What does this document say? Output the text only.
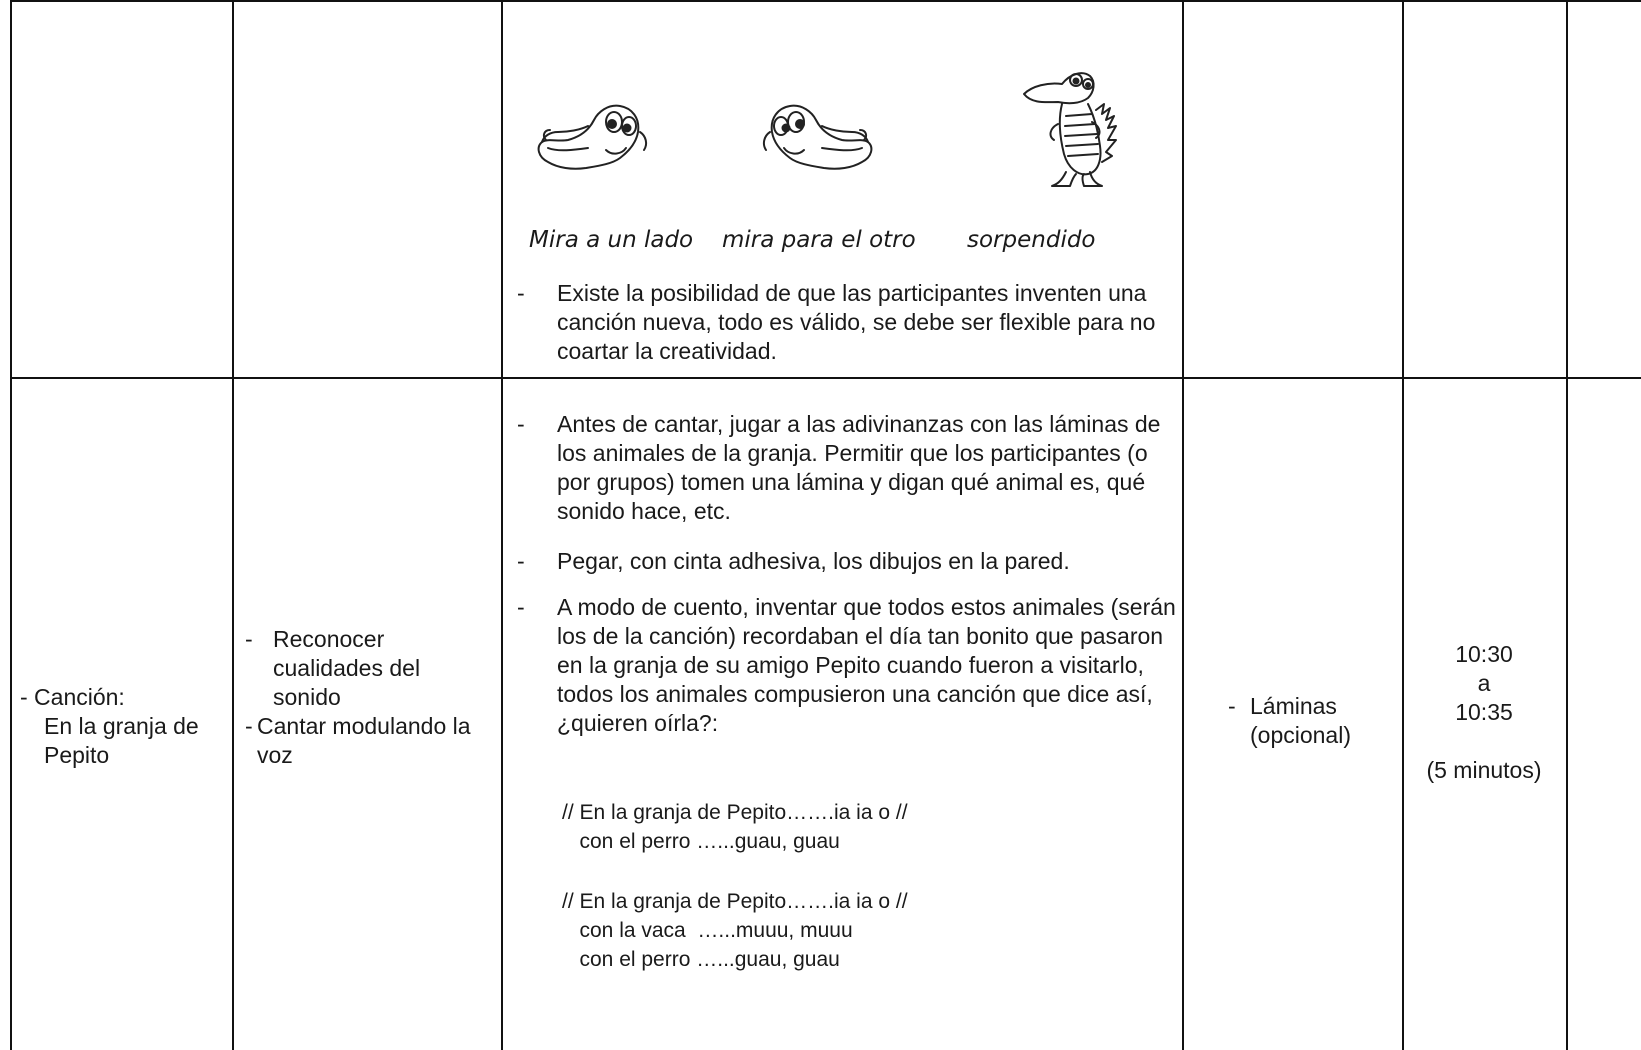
Mira a un lado mira para el otro sorpendido
- Existe la posibilidad de que las participantes inventen una canción nueva, todo es válido, se debe ser flexible para no coartar la creatividad.
- Canción:
En la granja de
Pepito
- Reconocer cualidades del sonido
- Cantar modulando la voz
- Antes de cantar, jugar a las adivinanzas con las láminas de los animales de la granja. Permitir que los participantes (o por grupos) tomen una lámina y digan qué animal es, qué sonido hace, etc.
- Pegar, con cinta adhesiva, los dibujos en la pared.
- A modo de cuento, inventar que todos estos animales (serán los de la canción) recordaban el día tan bonito que pasaron en la granja de su amigo Pepito cuando fueron a visitarlo, todos los animales compusieron una canción que dice así, ¿quieren oírla?:
// En la granja de Pepito…….ia ia o //
con el perro …...guau, guau
// En la granja de Pepito…….ia ia o //
con la vaca  …...muuu, muuu
con el perro …...guau, guau
- Láminas
(opcional)
10:30
a
10:35
(5 minutos)
